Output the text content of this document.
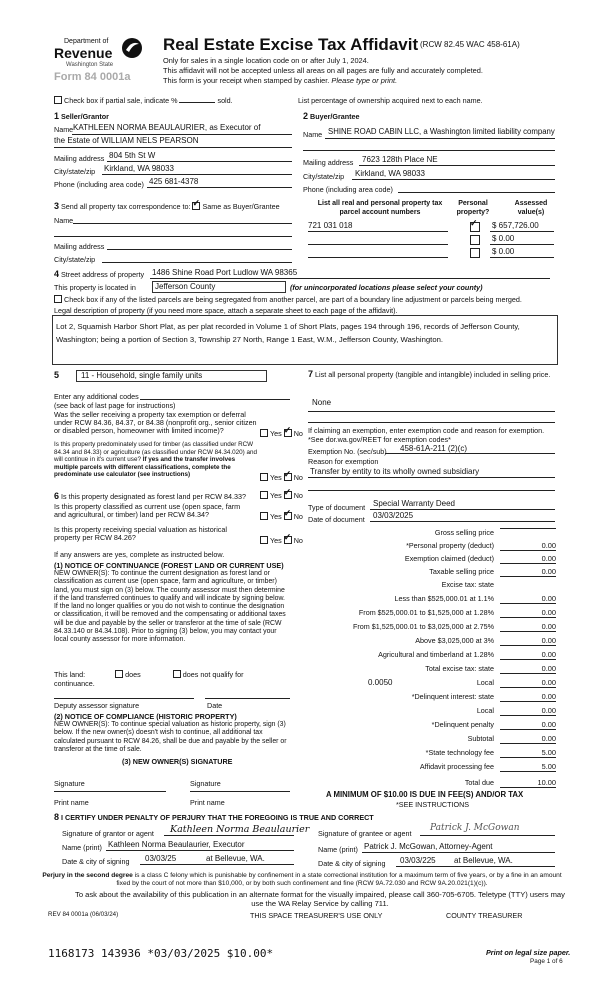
Department of
Revenue
Washington State
Form 84 0001a
Real Estate Excise Tax Affidavit (RCW 82.45 WAC 458-61A)
Only for sales in a single location code on or after July 1, 2024.
This affidavit will not be accepted unless all areas on all pages are fully and accurately completed.
This form is your receipt when stamped by cashier. Please type or print.
Check box if partial sale, indicate %	sold.	List percentage of ownership acquired next to each name.
1 Seller/Grantor
Name KATHLEEN NORMA BEAULAURIER, as Executor of
the Estate of WILLIAM NELS PEARSON
Mailing address 804 5th St W
City/state/zip Kirkland, WA 98033
Phone (including area code) 425 681-4378
2 Buyer/Grantee
Name SHINE ROAD CABIN LLC, a Washington limited liability company
Mailing address 7623 128th Place NE
City/state/zip Kirkland, WA 98033
Phone (including area code)
3 Send all property tax correspondence to: ✓ Same as Buyer/Grantee
Name
Mailing address
City/state/zip
List all real and personal property tax parcel account numbers
Personal property?
Assessed value(s)
721 031 018 ✓	$ 657,726.00
$ 0.00
$ 0.00
4 Street address of property 1486 Shine Road Port Ludlow WA 98365
This property is located in	Jefferson County	(for unincorporated locations please select your county)
Check box if any of the listed parcels are being segregated from another parcel, are part of a boundary line adjustment or parcels being merged.
Legal description of property (if you need more space, attach a separate sheet to each page of the affidavit).
Lot 2, Squamish Harbor Short Plat, as per plat recorded in Volume 1 of Short Plats, pages 194 through 196, records of Jefferson County, Washington; being a portion of Section 3, Township 27 North, Range 1 East, W.M., Jefferson County, Washington.
5	11 - Household, single family units
Enter any additional codes
(see back of last page for instructions)
Was the seller receiving a property tax exemption or deferral under RCW 84.36, 84.37, or 84.38 (nonprofit org., senior citizen or disabled person, homeowner with limited income)?	Yes ✓ No
Is this property predominately used for timber (as classified under RCW 84.34 and 84.33) or agriculture (as classified under RCW 84.34.020) and will continue in it's current use? If yes and the transfer involves multiple parcels with different classifications, complete the predominate use calculator (see instructions)	Yes ✓ No
6 Is this property designated as forest land per RCW 84.33?	Yes ✓ No
Is this property classified as current use (open space, farm and agricultural, or timber) land per RCW 84.34?	Yes ✓ No
Is this property receiving special valuation as historical property per RCW 84.26?	Yes ✓ No
If any answers are yes, complete as instructed below.
(1) NOTICE OF CONTINUANCE (FOREST LAND OR CURRENT USE)
NEW OWNER(S): To continue the current designation as forest land or classification as current use (open space, farm and agriculture, or timber) land, you must sign on (3) below. The county assessor must then determine if the land transferred continues to qualify and will indicate by signing below. If the land no longer qualifies or you do not wish to continue the designation or classification, it will be removed and the compensating or additional taxes will be due and payable by the seller or transferor at the time of sale (RCW 84.33.140 or 84.34.108). Prior to signing (3) below, you may contact your local county assessor for more information.
This land:	does	does not qualify for
continuance.
Deputy assessor signature	Date
(2) NOTICE OF COMPLIANCE (HISTORIC PROPERTY)
NEW OWNER(S): To continue special valuation as historic property, sign (3) below. If the new owner(s) doesn't wish to continue, all additional tax calculated pursuant to RCW 84.26, shall be due and payable by the seller or transferor at the time of sale.
(3) NEW OWNER(S) SIGNATURE
Signature	Signature
Print name	Print name
7 List all personal property (tangible and intangible) included in selling price.
None
If claiming an exemption, enter exemption code and reason for exemption. *See dor.wa.gov/REET for exemption codes*
Exemption No. (sec/sub) 458-61A-211 (2)(c)
Reason for exemption
Transfer by entity to its wholly owned subsidiary
Type of document Special Warranty Deed
Date of document 03/03/2025
Gross selling price
*Personal property (deduct)	0.00
Exemption claimed (deduct)	0.00
Taxable selling price	0.00
Excise tax: state
Less than $525,000.01 at 1.1%	0.00
From $525,000.01 to $1,525,000 at 1.28%	0.00
From $1,525,000.01 to $3,025,000 at 2.75%	0.00
Above $3,025,000 at 3%	0.00
Agricultural and timberland at 1.28%	0.00
Total excise tax: state	0.00
0.0050	Local	0.00
*Delinquent interest: state	0.00
Local	0.00
*Delinquent penalty	0.00
Subtotal	0.00
*State technology fee	5.00
Affidavit processing fee	5.00
Total due	10.00
A MINIMUM OF $10.00 IS DUE IN FEE(S) AND/OR TAX
*SEE INSTRUCTIONS
8 I CERTIFY UNDER PENALTY OF PERJURY THAT THE FOREGOING IS TRUE AND CORRECT
Signature of grantor or agent Kathleen Norma Beaulaurier Signature of grantee or agent
Patrick J. McGowan
Name (print) Kathleen Norma Beaulaurier, Executor
Name (print) Patrick J. McGowan, Attorney-Agent
Date & city of signing 03/03/25	at Bellevue, WA.
Date & city of signing 03/03/225 at Bellevue, WA.
Perjury in the second degree is a class C felony which is punishable by confinement in a state correctional institution for a maximum term of five years, or by a fine in an amount fixed by the court of not more than $10,000, or by both such confinement and fine (RCW 9A.72.030 and RCW 9A.20.021(1)(c)).
To ask about the availability of this publication in an alternate format for the visually impaired, please call 360-705-6705. Teletype (TTY) users may use the WA Relay Service by calling 711.
REV 84 0001a (06/03/24)	THIS SPACE TREASURER'S USE ONLY	COUNTY TREASURER
1168173 143936 *03/03/2025 $10.00*	Print on legal size paper.
Page 1 of 6
